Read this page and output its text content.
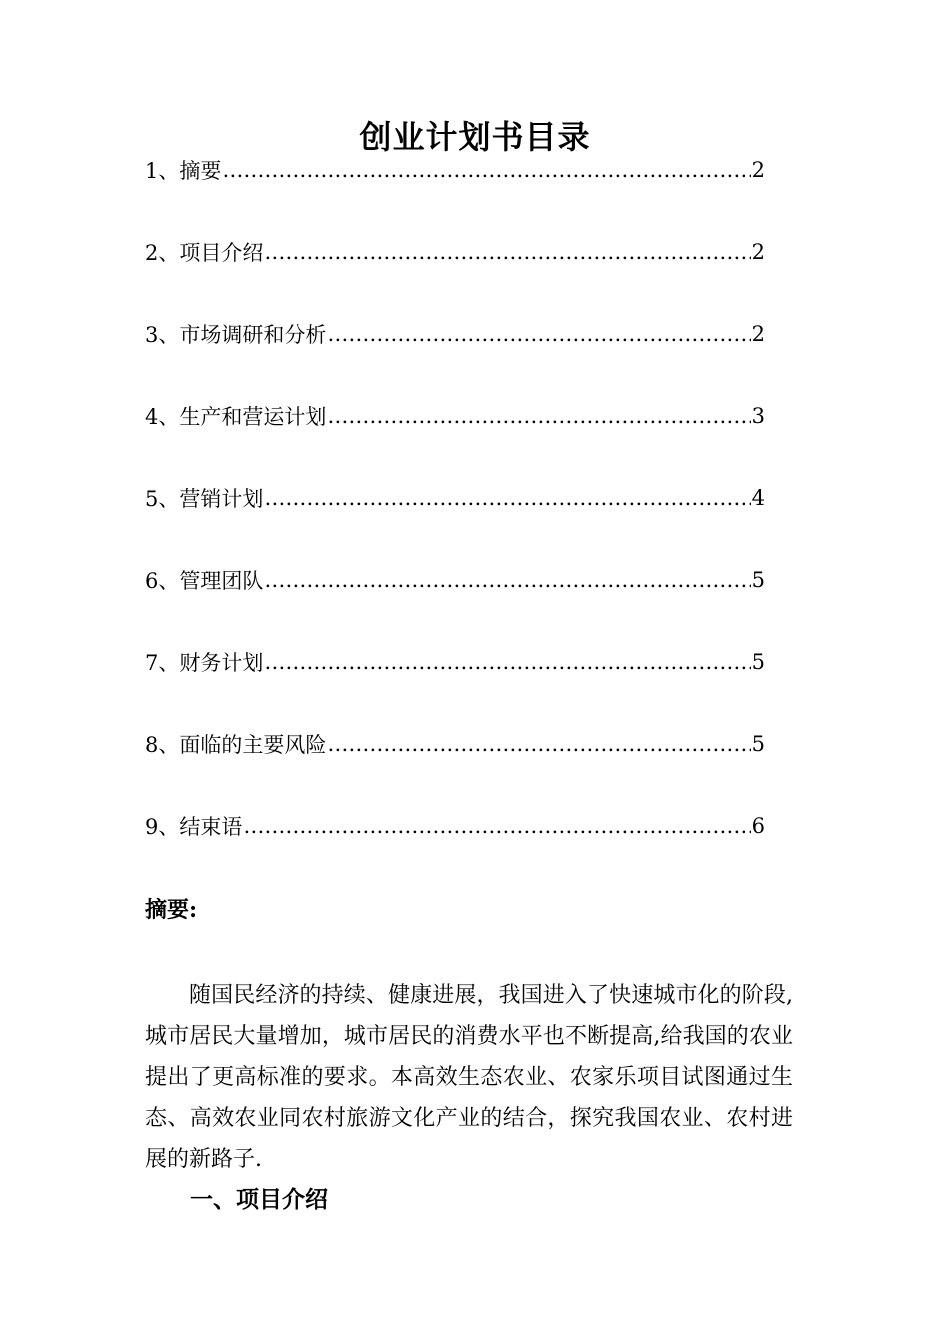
创业计划书目录
1、摘要 ……………………………………………………………………………………………………………………………………………………	2
2、项目介绍 ……………………………………………………………………………………………………………………………………………………	2
3、市场调研和分析 ……………………………………………………………………………………………………………………………………………………	2
4、生产和营运计划 ……………………………………………………………………………………………………………………………………………………	3
5、营销计划 ……………………………………………………………………………………………………………………………………………………	4
6、管理团队 ……………………………………………………………………………………………………………………………………………………	5
7、财务计划 ……………………………………………………………………………………………………………………………………………………	5
8、面临的主要风险 ……………………………………………………………………………………………………………………………………………………	5
9、结束语 ……………………………………………………………………………………………………………………………………………………	6
摘要:

随国民经济的持续、健康进展，我国进入了快速城市化的阶段,城市居民大量增加，城市居民的消费水平也不断提高,给我国的农业提出了更高标准的要求。本高效生态农业、农家乐项目试图通过生态、高效农业同农村旅游文化产业的结合，探究我国农业、农村进展的新路子.

一、项目介绍
